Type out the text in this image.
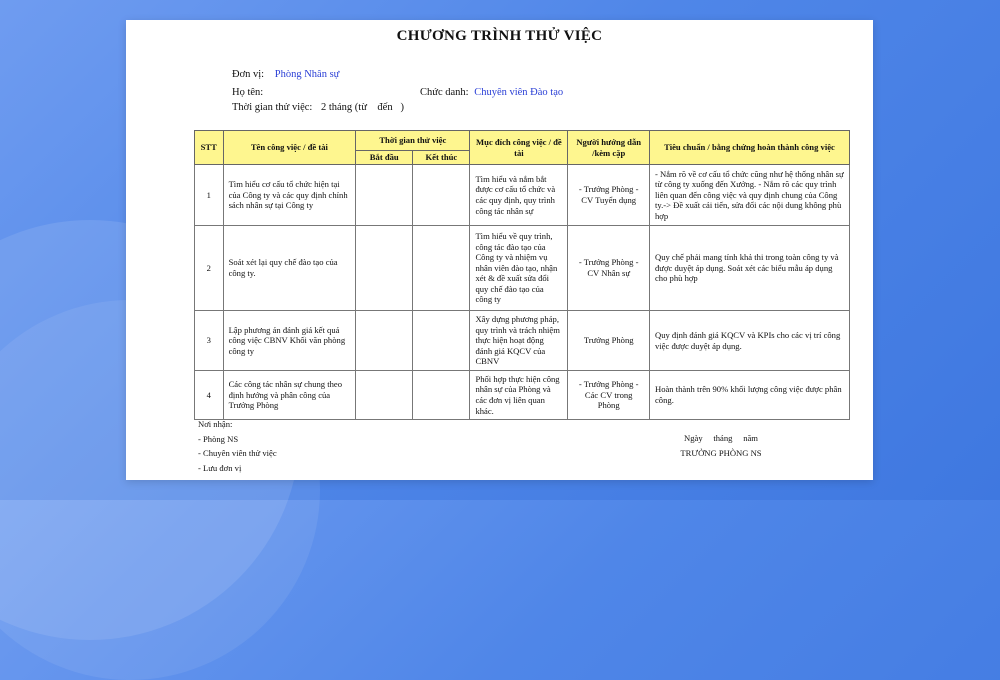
CHƯƠNG TRÌNH THỬ VIỆC
Đơn vị: Phòng Nhân sự
Họ tên:	Chức danh: Chuyên viên Đào tạo
Thời gian thử việc: 2 tháng (từ    đến   )
STT	Tên công việc / đề tài	Thời gian thử việc		Mục đích công việc / đề tài	Người hướng dẫn /kèm cặp	Tiêu chuẩn / bằng chứng hoàn thành công việc
		Bắt đầu	Kết thúc			
1	Tìm hiểu cơ cấu tổ chức hiện tại của Công ty và các quy định chính sách nhân sự tại Công ty			Tìm hiểu và nắm bắt được cơ cấu tổ chức và các quy định, quy trình công tác nhân sự	- Trưởng Phòng - CV Tuyển dụng	- Nắm rõ về cơ cấu tổ chức cũng như hệ thống nhân sự từ công ty xuống đến Xưởng. - Nắm rõ các quy trình liên quan đến công việc và quy định chung của Công ty.-> Đề xuất cải tiến, sửa đổi các nội dung không phù hợp
2	Soát xét lại quy chế đào tạo của công ty.			Tìm hiểu về quy trình, công tác đào tạo của Công ty và nhiệm vụ nhân viên đào tạo, nhận xét & đề xuất sửa đổi quy chế đào tạo của công ty	- Trưởng Phòng - CV Nhân sự	Quy chế phải mang tính khả thi trong toàn công ty và được duyệt áp dụng. Soát xét các biểu mẫu áp dụng cho phù hợp
3	Lập phương án đánh giá kết quả công việc CBNV Khối văn phòng công ty			Xây dựng phương pháp, quy trình và trách nhiệm thực hiện hoạt động đánh giá KQCV của CBNV	Trưởng Phòng	Quy định đánh giá KQCV và KPIs cho các vị trí công việc được duyệt áp dụng.
4	Các công tác nhân sự chung theo định hướng và phân công của Trưởng Phòng			Phối hợp thực hiện công nhân sự của Phòng và các đơn vị liên quan khác.	- Trưởng Phòng - Các CV trong Phòng	Hoàn thành trên 90% khối lượng công việc được phân công.
Nơi nhận:
- Phòng NS
- Chuyên viên thử việc
- Lưu đơn vị
Ngày     tháng     năm
TRƯỞNG PHÒNG NS
